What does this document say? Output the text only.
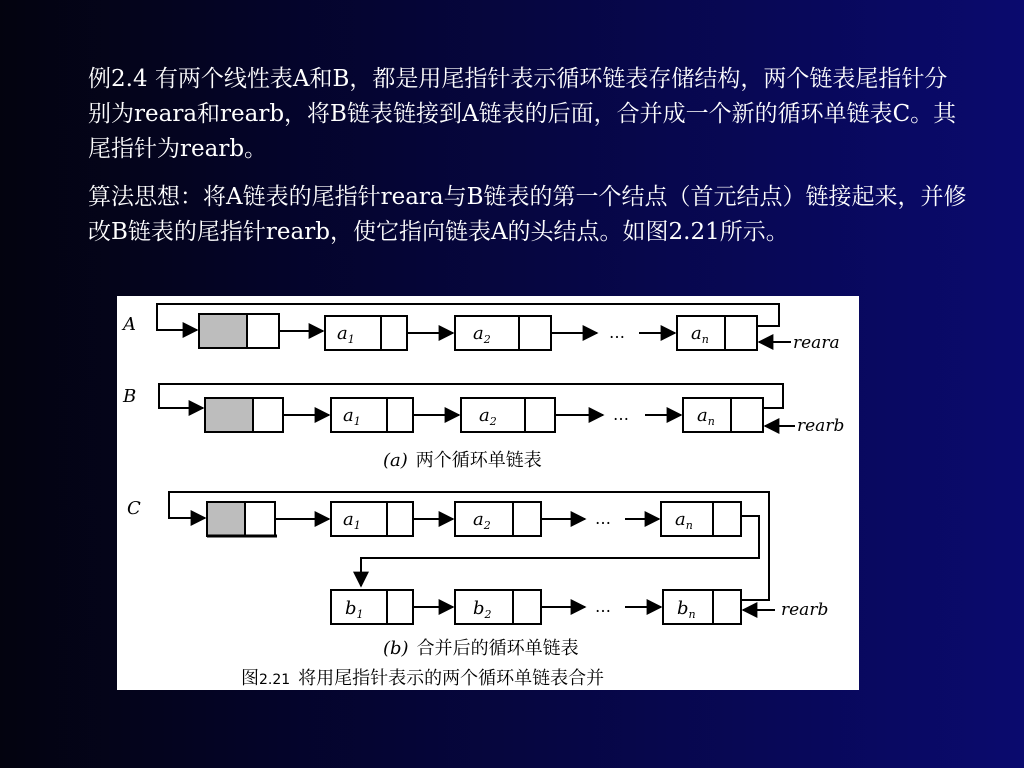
例2.4 有两个线性表A和B，都是用尾指针表示循环链表存储结构，两个链表尾指针分别为reara和rearb，将B链表链接到A链表的后面，合并成一个新的循环单链表C。其尾指针为rearb。

算法思想：将A链表的尾指针reara与B链表的第一个结点（首元结点）链接起来，并修改B链表的尾指针rearb，使它指向链表A的头结点。如图2.21所示。

A	$a_1$	$a_2$	…	$a_n$	reara
B
$a_1$	$a_2$	…	$a_n$	rearb
(a) 两个循环单链表
C
$a_1$	$a_2$	…	$a_n$
$b_1$	$b_2$	…	$b_n$	rearb
(b) 合并后的循环单链表
图2.21 将用尾指针表示的两个循环单链表合并
